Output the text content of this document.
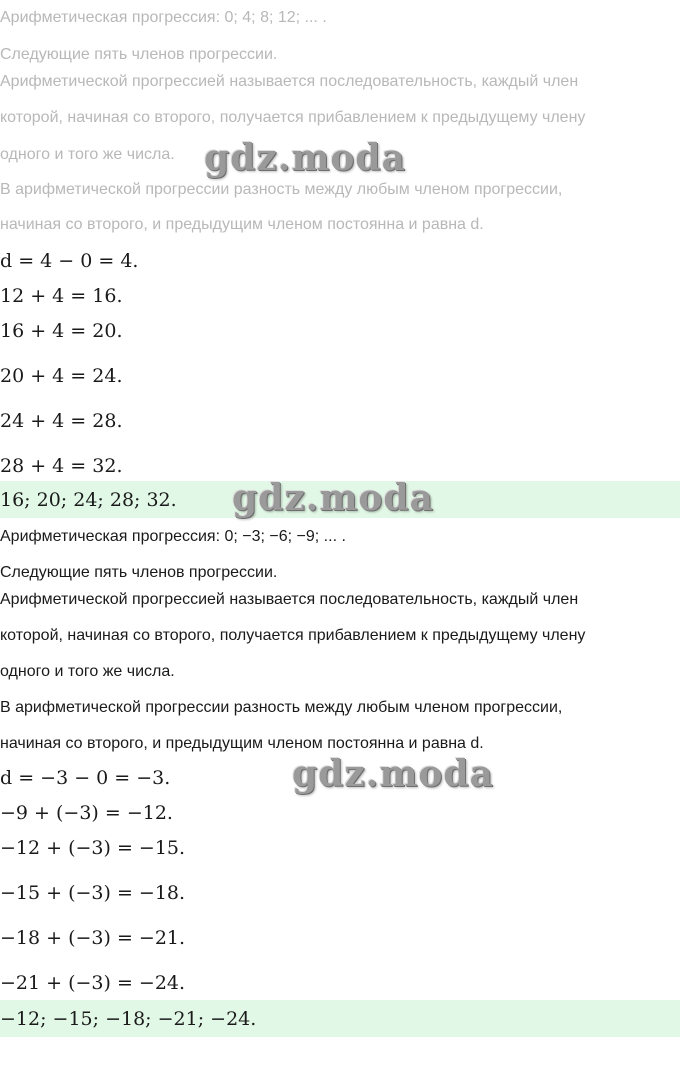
Арифметическая прогрессия: 0; 4; 8; 12; ... .
Следующие пять членов прогрессии.
Арифметической прогрессией называется последовательность, каждый член
которой, начиная со второго, получается прибавлением к предыдущему члену
одного и того же числа.
В арифметической прогрессии разность между любым членом прогрессии,
начиная со второго, и предыдущим членом постоянна и равна d.
d = 4 − 0 = 4.
12 + 4 = 16.
16 + 4 = 20.
20 + 4 = 24.
24 + 4 = 28.
28 + 4 = 32.
16; 20; 24; 28; 32.
Арифметическая прогрессия: 0; −3; −6; −9; ... .
Следующие пять членов прогрессии.
Арифметической прогрессией называется последовательность, каждый член
которой, начиная со второго, получается прибавлением к предыдущему члену
одного и того же числа.
В арифметической прогрессии разность между любым членом прогрессии,
начиная со второго, и предыдущим членом постоянна и равна d.
d = −3 − 0 = −3.
−9 + (−3) = −12.
−12 + (−3) = −15.
−15 + (−3) = −18.
−18 + (−3) = −21.
−21 + (−3) = −24.
−12; −15; −18; −21; −24.
gdz.moda
gdz.moda
gdz.moda
